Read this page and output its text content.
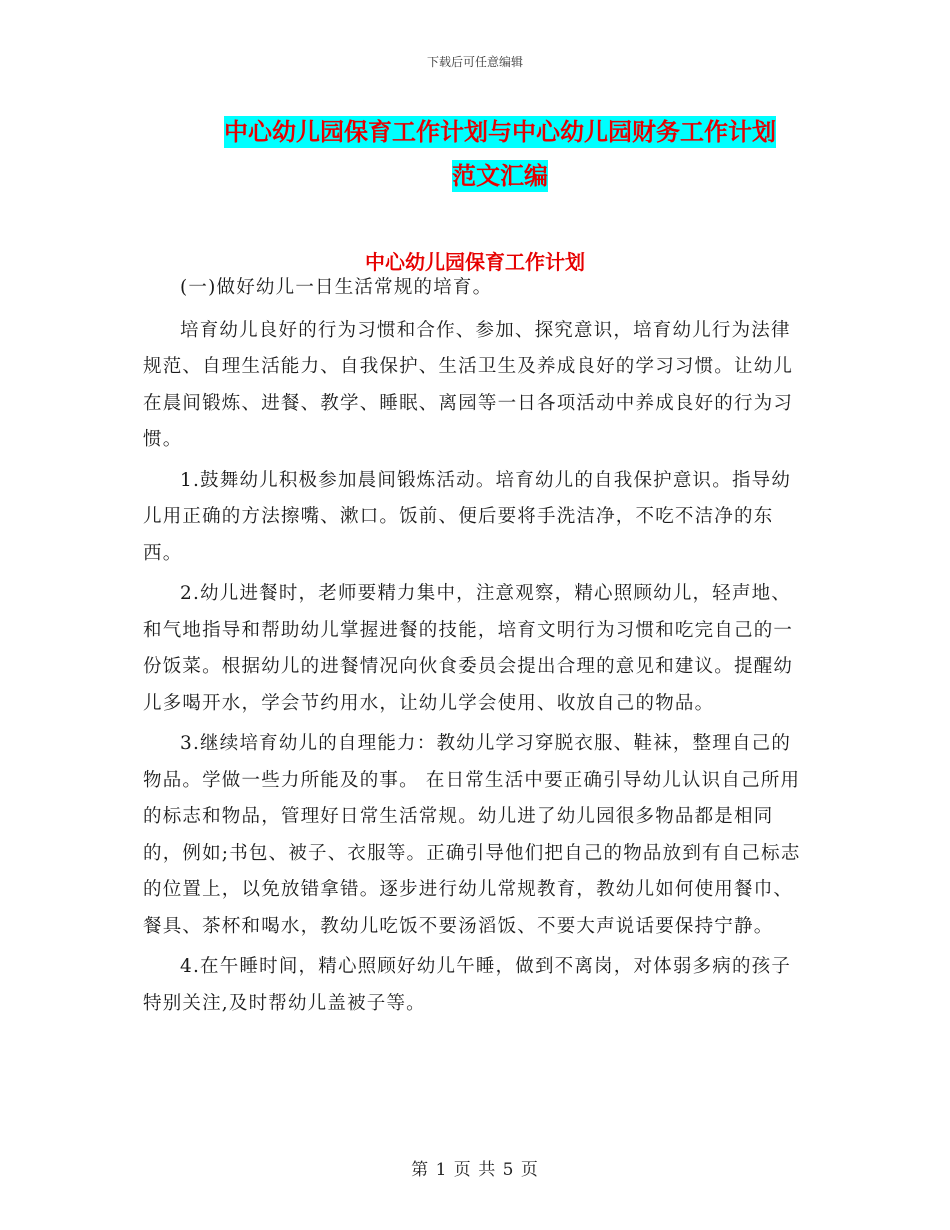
下载后可任意编辑
中心幼儿园保育工作计划与中心幼儿园财务工作计划
范文汇编
中心幼儿园保育工作计划

(一)做好幼儿一日生活常规的培育。

培育幼儿良好的行为习惯和合作、参加、探究意识，培育幼儿行为法律规范、自理生活能力、自我保护、生活卫生及养成良好的学习习惯。让幼儿在晨间锻炼、进餐、教学、睡眠、离园等一日各项活动中养成良好的行为习惯。

1.鼓舞幼儿积极参加晨间锻炼活动。培育幼儿的自我保护意识。指导幼儿用正确的方法擦嘴、漱口。饭前、便后要将手洗洁净，不吃不洁净的东西。

2.幼儿进餐时，老师要精力集中，注意观察，精心照顾幼儿，轻声地、和气地指导和帮助幼儿掌握进餐的技能，培育文明行为习惯和吃完自己的一份饭菜。根据幼儿的进餐情况向伙食委员会提出合理的意见和建议。提醒幼儿多喝开水，学会节约用水，让幼儿学会使用、收放自己的物品。

3.继续培育幼儿的自理能力：教幼儿学习穿脱衣服、鞋袜，整理自己的物品。学做一些力所能及的事。 在日常生活中要正确引导幼儿认识自己所用的标志和物品，管理好日常生活常规。幼儿进了幼儿园很多物品都是相同的，例如;书包、被子、衣服等。正确引导他们把自己的物品放到有自己标志的位置上，以免放错拿错。逐步进行幼儿常规教育，教幼儿如何使用餐巾、餐具、茶杯和喝水，教幼儿吃饭不要汤滔饭、不要大声说话要保持宁静。

4.在午睡时间，精心照顾好幼儿午睡，做到不离岗，对体弱多病的孩子特别关注,及时帮幼儿盖被子等。

第 1 页 共 5 页
